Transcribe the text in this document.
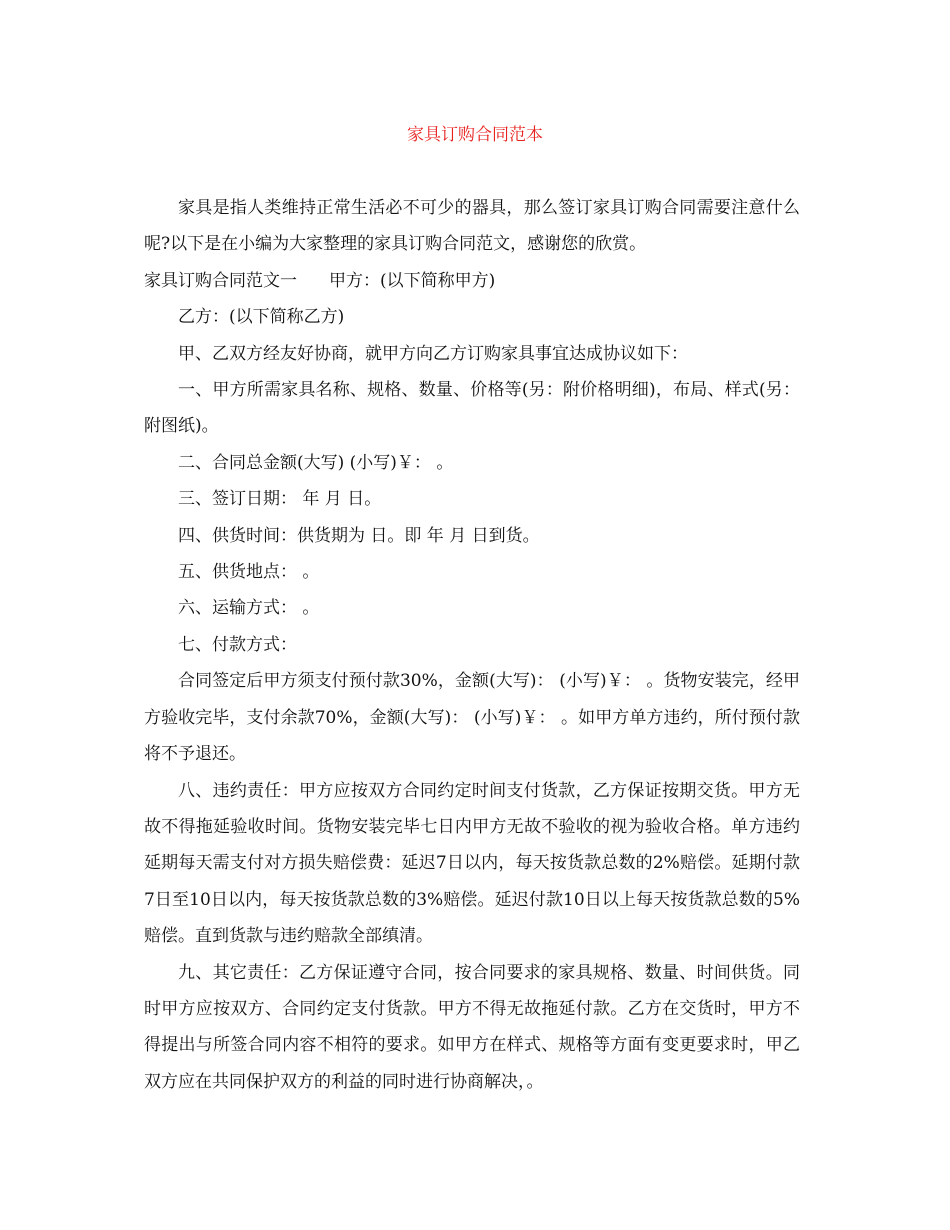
家具订购合同范本

家具是指人类维持正常生活必不可少的器具，那么签订家具订购合同需要注意什么呢?以下是在小编为大家整理的家具订购合同范文，感谢您的欣赏。

家具订购合同范文一 甲方：(以下简称甲方)

乙方：(以下简称乙方)

甲、乙双方经友好协商，就甲方向乙方订购家具事宜达成协议如下：

一、甲方所需家具名称、规格、数量、价格等(另：附价格明细)，布局、样式(另：附图纸)。

二、合同总金额(大写) (小写)￥： 。

三、签订日期： 年 月 日。

四、供货时间：供货期为 日。即 年 月 日到货。

五、供货地点： 。

六、运输方式： 。

七、付款方式：

合同签定后甲方须支付预付款30%，金额(大写)： (小写)￥： 。货物安装完，经甲方验收完毕，支付余款70%，金额(大写)： (小写)￥： 。如甲方单方违约，所付预付款将不予退还。

八、违约责任：甲方应按双方合同约定时间支付货款，乙方保证按期交货。甲方无故不得拖延验收时间。货物安装完毕七日内甲方无故不验收的视为验收合格。单方违约延期每天需支付对方损失赔偿费：延迟7日以内，每天按货款总数的2%赔偿。延期付款7日至10日以内，每天按货款总数的3%赔偿。延迟付款10日以上每天按货款总数的5%赔偿。直到货款与违约赔款全部缜清。

九、其它责任：乙方保证遵守合同，按合同要求的家具规格、数量、时间供货。同时甲方应按双方、合同约定支付货款。甲方不得无故拖延付款。乙方在交货时，甲方不得提出与所签合同内容不相符的要求。如甲方在样式、规格等方面有变更要求时，甲乙双方应在共同保护双方的利益的同时进行协商解决，。
